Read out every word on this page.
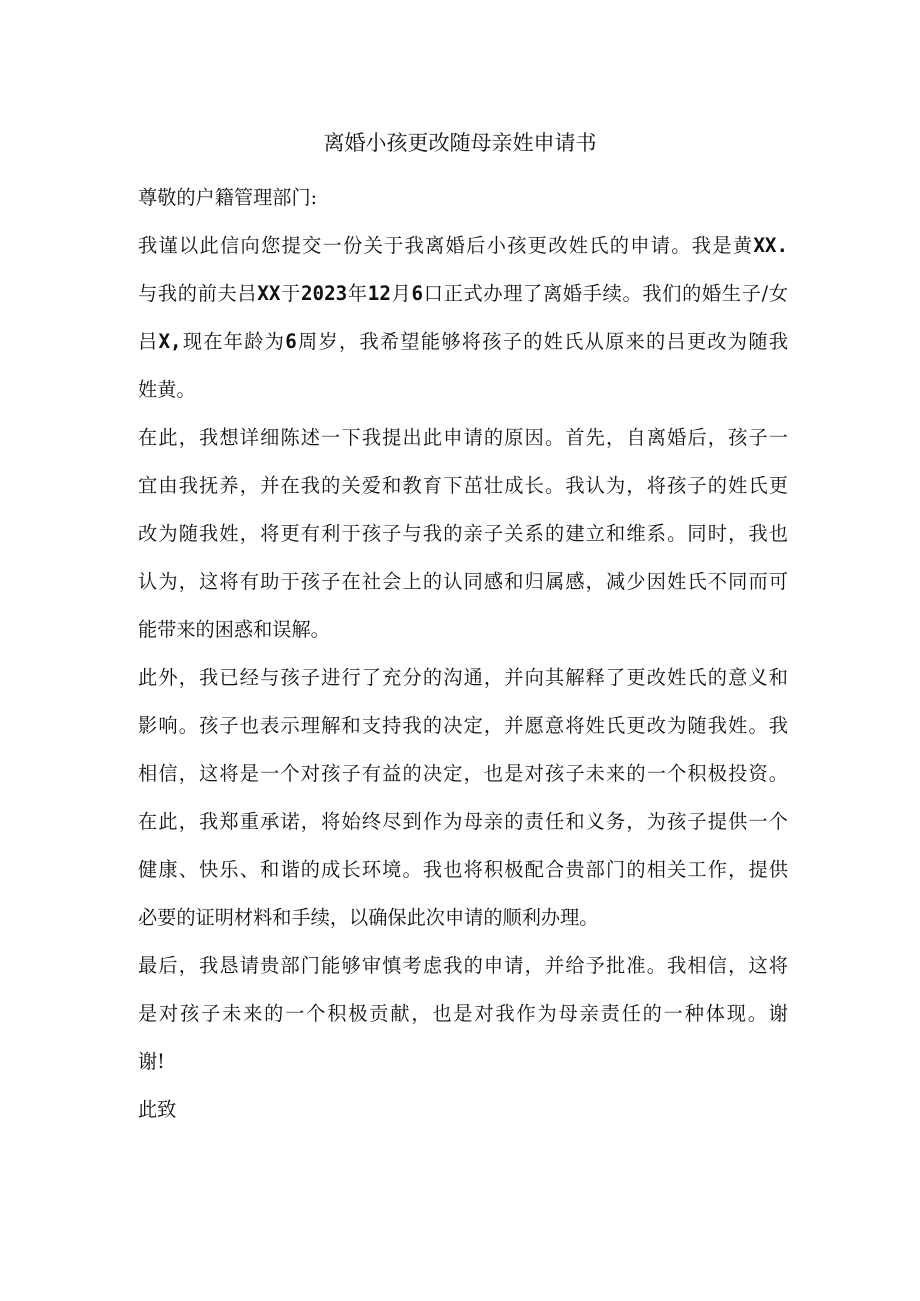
离婚小孩更改随母亲姓申请书
尊敬的户籍管理部门:
我谨以此信向您提交一份关于我离婚后小孩更改姓氏的申请。我是黄XX.
与我的前夫吕XX于2023年12月6口正式办理了离婚手续。我们的婚生子/女
吕X,现在年龄为6周岁，我希望能够将孩子的姓氏从原来的吕更改为随我
姓黄。
在此，我想详细陈述一下我提出此申请的原因。首先，自离婚后，孩子一
宜由我抚养，并在我的关爱和教育下茁壮成长。我认为，将孩子的姓氏更
改为随我姓，将更有利于孩子与我的亲子关系的建立和维系。同时，我也
认为，这将有助于孩子在社会上的认同感和归属感，减少因姓氏不同而可
能带来的困惑和误解。
此外，我已经与孩子进行了充分的沟通，并向其解释了更改姓氏的意义和
影响。孩子也表示理解和支持我的决定，并愿意将姓氏更改为随我姓。我
相信，这将是一个对孩子有益的决定，也是对孩子未来的一个积极投资。
在此，我郑重承诺，将始终尽到作为母亲的责任和义务，为孩子提供一个
健康、快乐、和谐的成长环境。我也将积极配合贵部门的相关工作，提供
必要的证明材料和手续，以确保此次申请的顺利办理。
最后，我恳请贵部门能够审慎考虑我的申请，并给予批准。我相信，这将
是对孩子未来的一个积极贡献，也是对我作为母亲责任的一种体现。谢
谢!
此致
